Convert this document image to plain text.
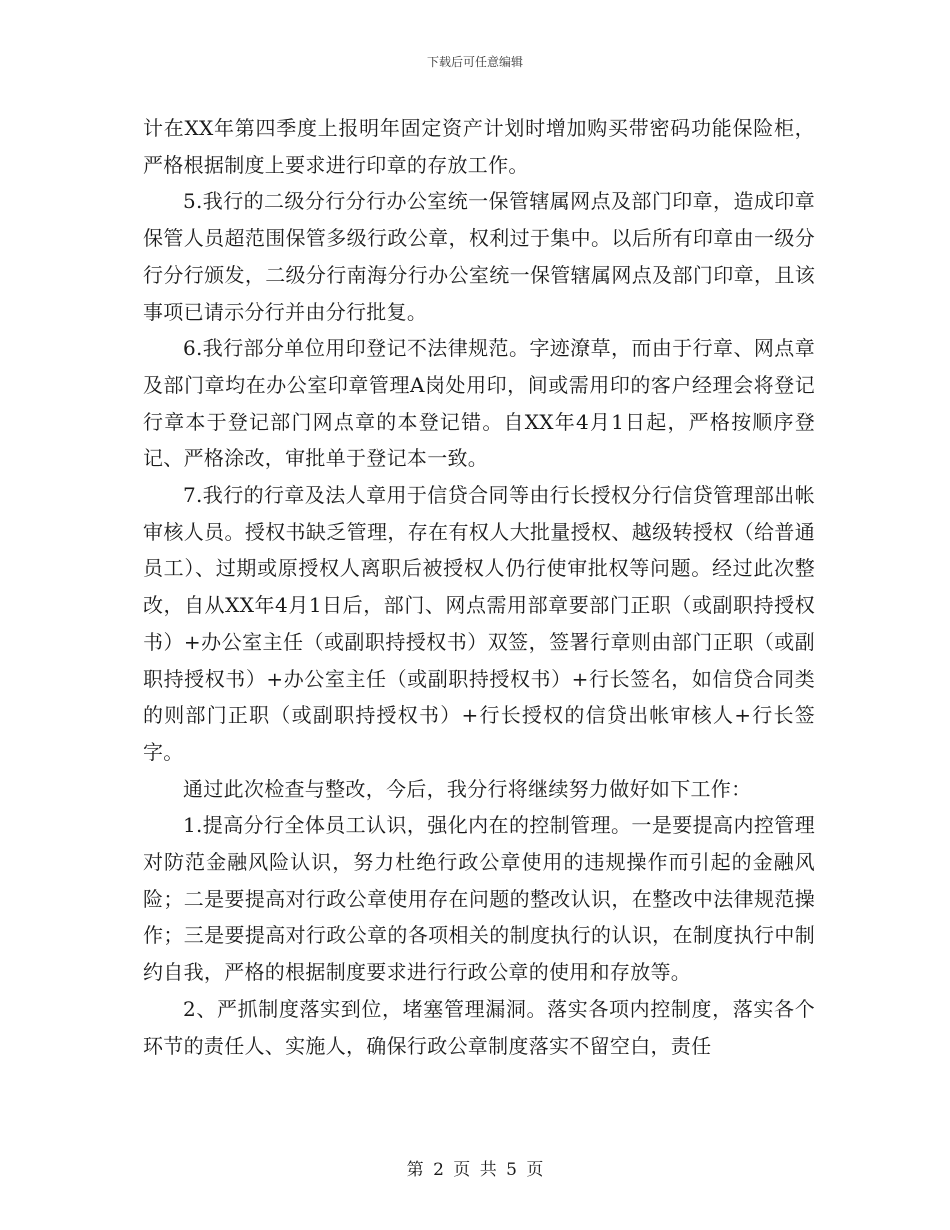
下载后可任意编辑

计在XX年第四季度上报明年固定资产计划时增加购买带密码功能保险柜，严格根据制度上要求进行印章的存放工作。

5.我行的二级分行分行办公室统一保管辖属网点及部门印章，造成印章保管人员超范围保管多级行政公章，权利过于集中。以后所有印章由一级分行分行颁发，二级分行南海分行办公室统一保管辖属网点及部门印章，且该事项已请示分行并由分行批复。

6.我行部分单位用印登记不法律规范。字迹潦草，而由于行章、网点章及部门章均在办公室印章管理A岗处用印，间或需用印的客户经理会将登记行章本于登记部门网点章的本登记错。自XX年4月1日起，严格按顺序登记、严格涂改，审批单于登记本一致。

7.我行的行章及法人章用于信贷合同等由行长授权分行信贷管理部出帐审核人员。授权书缺乏管理，存在有权人大批量授权、越级转授权（给普通员工）、过期或原授权人离职后被授权人仍行使审批权等问题。经过此次整改，自从XX年4月1日后，部门、网点需用部章要部门正职（或副职持授权书）+办公室主任（或副职持授权书）双签，签署行章则由部门正职（或副职持授权书）+办公室主任（或副职持授权书）+行长签名，如信贷合同类的则部门正职（或副职持授权书）+行长授权的信贷出帐审核人+行长签字。

通过此次检查与整改，今后，我分行将继续努力做好如下工作：

1.提高分行全体员工认识，强化内在的控制管理。一是要提高内控管理对防范金融风险认识，努力杜绝行政公章使用的违规操作而引起的金融风险；二是要提高对行政公章使用存在问题的整改认识，在整改中法律规范操作；三是要提高对行政公章的各项相关的制度执行的认识，在制度执行中制约自我，严格的根据制度要求进行行政公章的使用和存放等。

2、严抓制度落实到位，堵塞管理漏洞。落实各项内控制度，落实各个环节的责任人、实施人，确保行政公章制度落实不留空白，责任

第 2 页 共 5 页
